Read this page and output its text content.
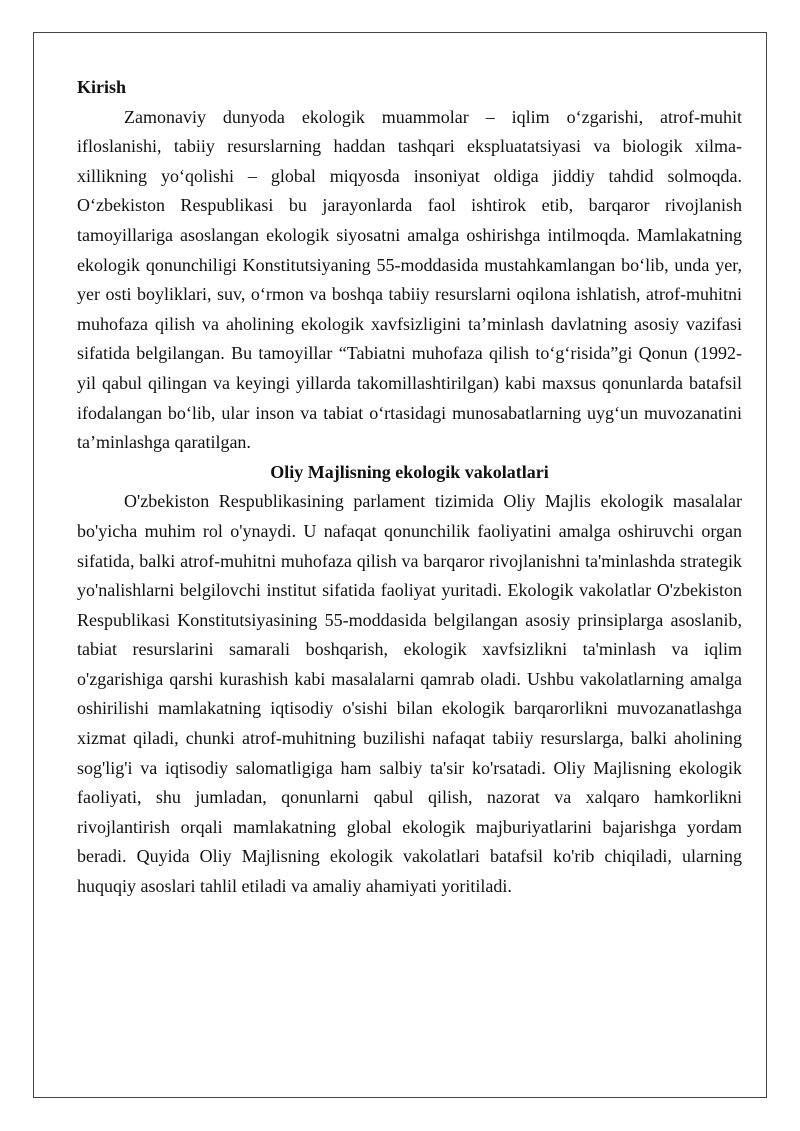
Kirish

Zamonaviy dunyoda ekologik muammolar – iqlim o‘zgarishi, atrof-muhit ifloslanishi, tabiiy resurslarning haddan tashqari ekspluatatsiyasi va biologik xilma-xillikning yo‘qolishi – global miqyosda insoniyat oldiga jiddiy tahdid solmoqda. O‘zbekiston Respublikasi bu jarayonlarda faol ishtirok etib, barqaror rivojlanish tamoyillariga asoslangan ekologik siyosatni amalga oshirishga intilmoqda. Mamlakatning ekologik qonunchiligi Konstitutsiyaning 55-moddasida mustahkamlangan bo‘lib, unda yer, yer osti boyliklari, suv, o‘rmon va boshqa tabiiy resurslarni oqilona ishlatish, atrof-muhitni muhofaza qilish va aholining ekologik xavfsizligini ta’minlash davlatning asosiy vazifasi sifatida belgilangan. Bu tamoyillar “Tabiatni muhofaza qilish to‘g‘risida”gi Qonun (1992-yil qabul qilingan va keyingi yillarda takomillashtirilgan) kabi maxsus qonunlarda batafsil ifodalangan bo‘lib, ular inson va tabiat o‘rtasidagi munosabatlarning uyg‘un muvozanatini ta’minlashga qaratilgan.

Oliy Majlisning ekologik vakolatlari

O'zbekiston Respublikasining parlament tizimida Oliy Majlis ekologik masalalar bo'yicha muhim rol o'ynaydi. U nafaqat qonunchilik faoliyatini amalga oshiruvchi organ sifatida, balki atrof-muhitni muhofaza qilish va barqaror rivojlanishni ta'minlashda strategik yo'nalishlarni belgilovchi institut sifatida faoliyat yuritadi. Ekologik vakolatlar O'zbekiston Respublikasi Konstitutsiyasining 55-moddasida belgilangan asosiy prinsiplarga asoslanib, tabiat resurslarini samarali boshqarish, ekologik xavfsizlikni ta'minlash va iqlim o'zgarishiga qarshi kurashish kabi masalalarni qamrab oladi. Ushbu vakolatlarning amalga oshirilishi mamlakatning iqtisodiy o'sishi bilan ekologik barqarorlikni muvozanatlashga xizmat qiladi, chunki atrof-muhitning buzilishi nafaqat tabiiy resurslarga, balki aholining sog'lig'i va iqtisodiy salomatligiga ham salbiy ta'sir ko'rsatadi. Oliy Majlisning ekologik faoliyati, shu jumladan, qonunlarni qabul qilish, nazorat va xalqaro hamkorlikni rivojlantirish orqali mamlakatning global ekologik majburiyatlarini bajarishga yordam beradi. Quyida Oliy Majlisning ekologik vakolatlari batafsil ko'rib chiqiladi, ularning huquqiy asoslari tahlil etiladi va amaliy ahamiyati yoritiladi.
